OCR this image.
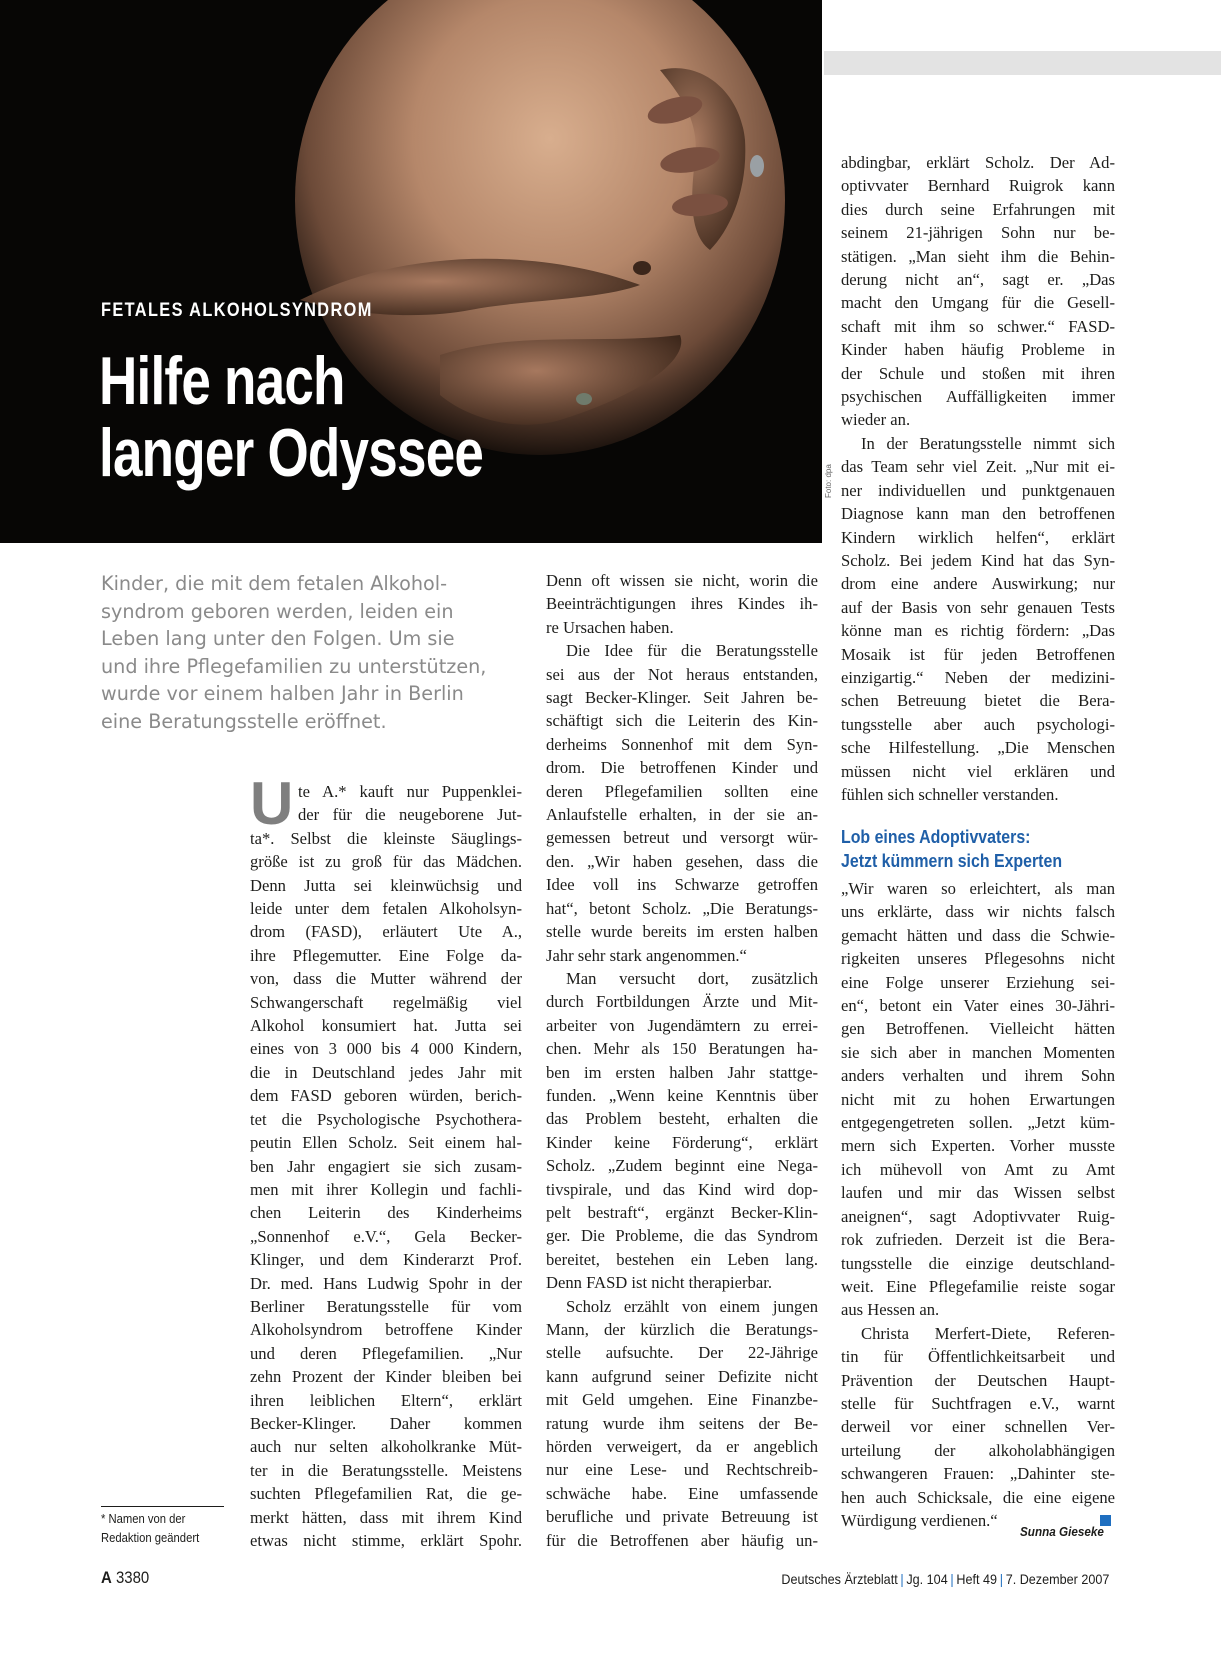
Foto: dpa
FETALES ALKOHOLSYNDROM
Hilfe nach
langer Odyssee

Kinder, die mit dem fetalen Alkohol-
syndrom geboren werden, leiden ein
Leben lang unter den Folgen. Um sie
und ihre Pflegefamilien zu unterstützen,
wurde vor einem halben Jahr in Berlin
eine Beratungsstelle eröffnet.

U te A.* kauft nur Puppenklei-
der für die neugeborene Jut-
ta*. Selbst die kleinste Säuglings-
größe ist zu groß für das Mädchen.
Denn Jutta sei kleinwüchsig und
leide unter dem fetalen Alkoholsyn-
drom (FASD), erläutert Ute A.,
ihre Pflegemutter. Eine Folge da-
von, dass die Mutter während der
Schwangerschaft regelmäßig viel
Alkohol konsumiert hat. Jutta sei
eines von 3 000 bis 4 000 Kindern,
die in Deutschland jedes Jahr mit
dem FASD geboren würden, berich-
tet die Psychologische Psychothera-
peutin Ellen Scholz. Seit einem hal-
ben Jahr engagiert sie sich zusam-
men mit ihrer Kollegin und fachli-
chen Leiterin des Kinderheims
„Sonnenhof e.V.“, Gela Becker-
Klinger, und dem Kinderarzt Prof.
Dr. med. Hans Ludwig Spohr in der
Berliner Beratungsstelle für vom
Alkoholsyndrom betroffene Kinder
und deren Pflegefamilien. „Nur
zehn Prozent der Kinder bleiben bei
ihren leiblichen Eltern“, erklärt
Becker-Klinger. Daher kommen
auch nur selten alkoholkranke Müt-
ter in die Beratungsstelle. Meistens
suchten Pflegefamilien Rat, die ge-
merkt hätten, dass mit ihrem Kind
etwas nicht stimme, erklärt Spohr.
Denn oft wissen sie nicht, worin die
Beeinträchtigungen ihres Kindes ih-
re Ursachen haben.
Die Idee für die Beratungsstelle
sei aus der Not heraus entstanden,
sagt Becker-Klinger. Seit Jahren be-
schäftigt sich die Leiterin des Kin-
derheims Sonnenhof mit dem Syn-
drom. Die betroffenen Kinder und
deren Pflegefamilien sollten eine
Anlaufstelle erhalten, in der sie an-
gemessen betreut und versorgt wür-
den. „Wir haben gesehen, dass die
Idee voll ins Schwarze getroffen
hat“, betont Scholz. „Die Beratungs-
stelle wurde bereits im ersten halben
Jahr sehr stark angenommen.“
Man versucht dort, zusätzlich
durch Fortbildungen Ärzte und Mit-
arbeiter von Jugendämtern zu errei-
chen. Mehr als 150 Beratungen ha-
ben im ersten halben Jahr stattge-
funden. „Wenn keine Kenntnis über
das Problem besteht, erhalten die
Kinder keine Förderung“, erklärt
Scholz. „Zudem beginnt eine Nega-
tivspirale, und das Kind wird dop-
pelt bestraft“, ergänzt Becker-Klin-
ger. Die Probleme, die das Syndrom
bereitet, bestehen ein Leben lang.
Denn FASD ist nicht therapierbar.
Scholz erzählt von einem jungen
Mann, der kürzlich die Beratungs-
stelle aufsuchte. Der 22-Jährige
kann aufgrund seiner Defizite nicht
mit Geld umgehen. Eine Finanzbe-
ratung wurde ihm seitens der Be-
hörden verweigert, da er angeblich
nur eine Lese- und Rechtschreib-
schwäche habe. Eine umfassende
berufliche und private Betreuung ist
für die Betroffenen aber häufig un-
abdingbar, erklärt Scholz. Der Ad-
optivvater Bernhard Ruigrok kann
dies durch seine Erfahrungen mit
seinem 21-jährigen Sohn nur be-
stätigen. „Man sieht ihm die Behin-
derung nicht an“, sagt er. „Das
macht den Umgang für die Gesell-
schaft mit ihm so schwer.“ FASD-
Kinder haben häufig Probleme in
der Schule und stoßen mit ihren
psychischen Auffälligkeiten immer
wieder an.
In der Beratungsstelle nimmt sich
das Team sehr viel Zeit. „Nur mit ei-
ner individuellen und punktgenauen
Diagnose kann man den betroffenen
Kindern wirklich helfen“, erklärt
Scholz. Bei jedem Kind hat das Syn-
drom eine andere Auswirkung; nur
auf der Basis von sehr genauen Tests
könne man es richtig fördern: „Das
Mosaik ist für jeden Betroffenen
einzigartig.“ Neben der medizini-
schen Betreuung bietet die Bera-
tungsstelle aber auch psychologi-
sche Hilfestellung. „Die Menschen
müssen nicht viel erklären und
fühlen sich schneller verstanden.
Lob eines Adoptivvaters:
Jetzt kümmern sich Experten
„Wir waren so erleichtert, als man
uns erklärte, dass wir nichts falsch
gemacht hätten und dass die Schwie-
rigkeiten unseres Pflegesohns nicht
eine Folge unserer Erziehung sei-
en“, betont ein Vater eines 30-Jähri-
gen Betroffenen. Vielleicht hätten
sie sich aber in manchen Momenten
anders verhalten und ihrem Sohn
nicht mit zu hohen Erwartungen
entgegengetreten sollen. „Jetzt küm-
mern sich Experten. Vorher musste
ich mühevoll von Amt zu Amt
laufen und mir das Wissen selbst
aneignen“, sagt Adoptivvater Ruig-
rok zufrieden. Derzeit ist die Bera-
tungsstelle die einzige deutschland-
weit. Eine Pflegefamilie reiste sogar
aus Hessen an.
Christa Merfert-Diete, Referen-
tin für Öffentlichkeitsarbeit und
Prävention der Deutschen Haupt-
stelle für Suchtfragen e.V., warnt
derweil vor einer schnellen Ver-
urteilung der alkoholabhängigen
schwangeren Frauen: „Dahinter ste-
hen auch Schicksale, die eine eigene
Würdigung verdienen.“
Sunna Gieseke
* Namen von der
Redaktion geändert
A 3380	Deutsches Ärzteblatt | Jg. 104 | Heft 49 | 7. Dezember 2007
